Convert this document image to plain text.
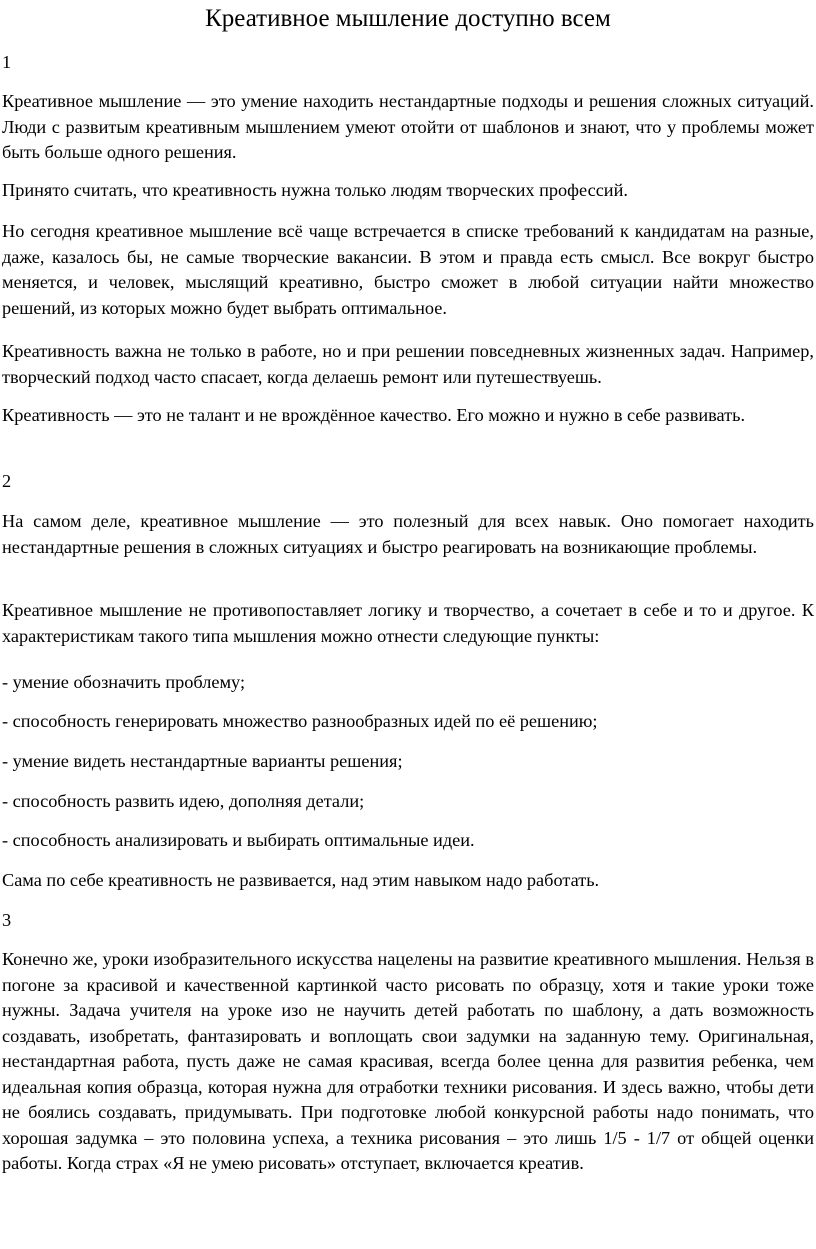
Креативное мышление доступно всем

1

Креативное мышление — это умение находить нестандартные подходы и решения сложных ситуаций. Люди с развитым креативным мышлением умеют отойти от шаблонов и знают, что у проблемы может быть больше одного решения.

Принято считать, что креативность нужна только людям творческих профессий.

Но сегодня креативное мышление всё чаще встречается в списке требований к кандидатам на разные, даже, казалось бы, не самые творческие вакансии. В этом и правда есть смысл. Все вокруг быстро меняется, и человек, мыслящий креативно, быстро сможет в любой ситуации найти множество решений, из которых можно будет выбрать оптимальное.

Креативность важна не только в работе, но и при решении повседневных жизненных задач. Например, творческий подход часто спасает, когда делаешь ремонт или путешествуешь.

Креативность — это не талант и не врождённое качество. Его можно и нужно в себе развивать.

2

На самом деле, креативное мышление — это полезный для всех навык. Оно помогает находить нестандартные решения в сложных ситуациях и быстро реагировать на возникающие проблемы.

Креативное мышление не противопоставляет логику и творчество, а сочетает в себе и то и другое. К характеристикам такого типа мышления можно отнести следующие пункты:

- умение обозначить проблему;

- способность генерировать множество разнообразных идей по её решению;

- умение видеть нестандартные варианты решения;

- способность развить идею, дополняя детали;

- способность анализировать и выбирать оптимальные идеи.

Сама по себе креативность не развивается, над этим навыком надо работать.

3

Конечно же, уроки изобразительного искусства нацелены на развитие креативного мышления. Нельзя в погоне за красивой и качественной картинкой часто рисовать по образцу, хотя и такие уроки тоже нужны. Задача учителя на уроке изо не научить детей работать по шаблону, а дать возможность создавать, изобретать, фантазировать и воплощать свои задумки на заданную тему. Оригинальная, нестандартная работа, пусть даже не самая красивая, всегда более ценна для развития ребенка, чем идеальная копия образца, которая нужна для отработки техники рисования. И здесь важно, чтобы дети не боялись создавать, придумывать. При подготовке любой конкурсной работы надо понимать, что хорошая задумка – это половина успеха, а техника рисования – это лишь 1/5 - 1/7 от общей оценки работы. Когда страх «Я не умею рисовать» отступает, включается креатив.
